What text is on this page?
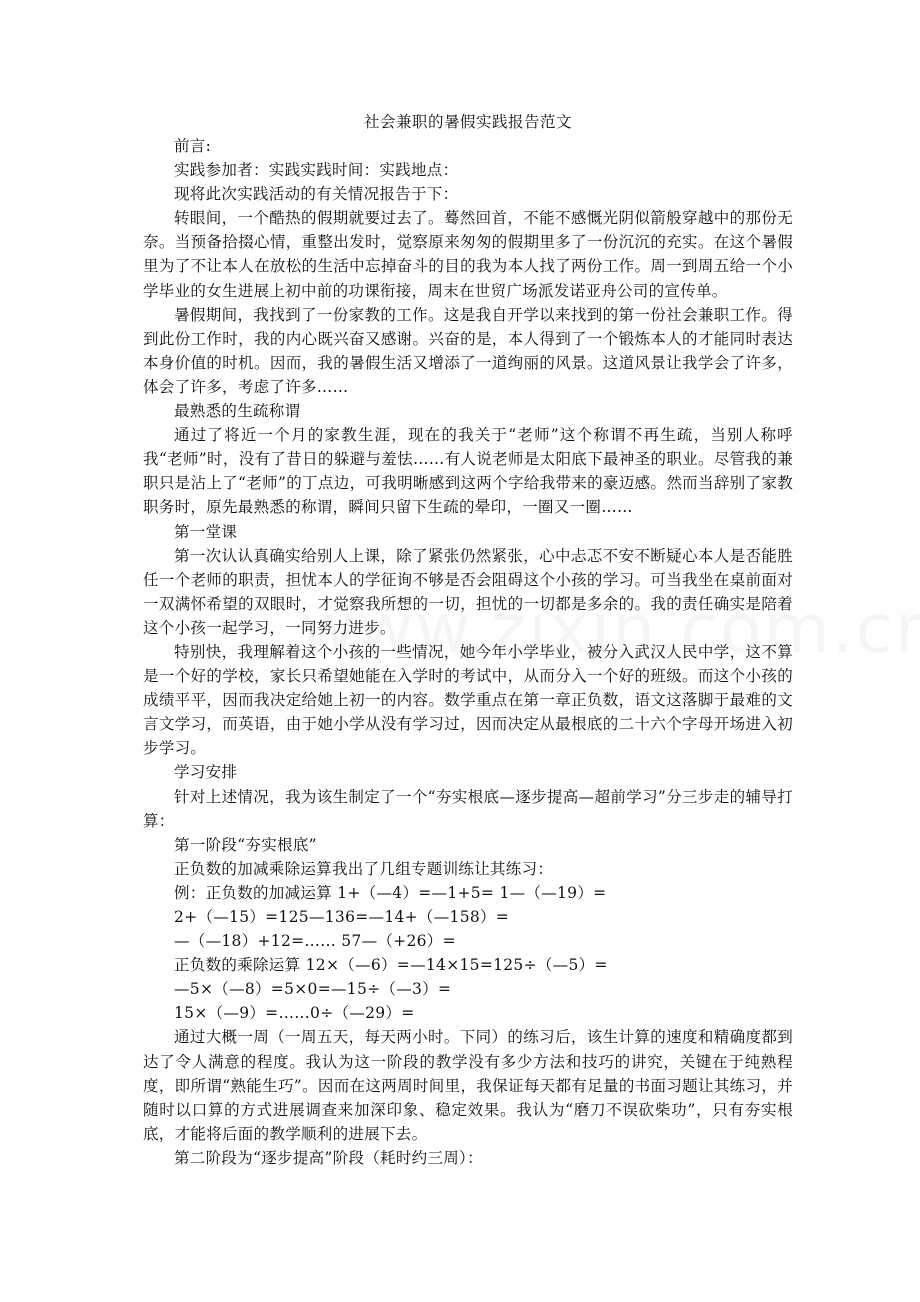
社会兼职的暑假实践报告范文

前言:

实践参加者：实践实践时间：实践地点：

现将此次实践活动的有关情况报告于下：

转眼间，一个酷热的假期就要过去了。蓦然回首，不能不感慨光阴似箭般穿越中的那份无奈。当预备拾掇心情，重整出发时，觉察原来匆匆的假期里多了一份沉沉的充实。在这个暑假里为了不让本人在放松的生活中忘掉奋斗的目的我为本人找了两份工作。周一到周五给一个小学毕业的女生进展上初中前的功课衔接，周末在世贸广场派发诺亚舟公司的宣传单。

暑假期间，我找到了一份家教的工作。这是我自开学以来找到的第一份社会兼职工作。得到此份工作时，我的内心既兴奋又感谢。兴奋的是，本人得到了一个锻炼本人的才能同时表达本身价值的时机。因而，我的暑假生活又增添了一道绚丽的风景。这道风景让我学会了许多，体会了许多，考虑了许多……

最熟悉的生疏称谓

通过了将近一个月的家教生涯，现在的我关于“老师”这个称谓不再生疏，当别人称呼我“老师”时，没有了昔日的躲避与羞怯……有人说老师是太阳底下最神圣的职业。尽管我的兼职只是沾上了“老师”的丁点边，可我明晰感到这两个字给我带来的豪迈感。然而当辞别了家教职务时，原先最熟悉的称谓，瞬间只留下生疏的晕印，一圈又一圈……

第一堂课

第一次认认真确实给别人上课，除了紧张仍然紧张，心中忐忑不安不断疑心本人是否能胜任一个老师的职责，担忧本人的学征询不够是否会阻碍这个小孩的学习。可当我坐在桌前面对一双满怀希望的双眼时，才觉察我所想的一切，担忧的一切都是多余的。我的责任确实是陪着这个小孩一起学习，一同努力进步。

特别快，我理解着这个小孩的一些情况，她今年小学毕业，被分入武汉人民中学，这不算是一个好的学校，家长只希望她能在入学时的考试中，从而分入一个好的班级。而这个小孩的成绩平平，因而我决定给她上初一的内容。数学重点在第一章正负数，语文这落脚于最难的文言文学习，而英语，由于她小学从没有学习过，因而决定从最根底的二十六个字母开场进入初步学习。

学习安排

针对上述情况，我为该生制定了一个“夯实根底—逐步提高—超前学习”分三步走的辅导打算：

第一阶段“夯实根底”

正负数的加减乘除运算我出了几组专题训练让其练习：

例：正负数的加减运算 1+（—4）=—1+5= 1—（—19）=

2+（—15）=125—136=—14+（—158）=

—（—18）+12=…… 57—（+26）=

正负数的乘除运算 12×（—6）=—14×15=125÷（—5）=

—5×（—8）=5×0=—15÷（—3）=

15×（—9）=……0÷（—29）=

通过大概一周（一周五天，每天两小时。下同）的练习后，该生计算的速度和精确度都到达了令人满意的程度。我认为这一阶段的教学没有多少方法和技巧的讲究，关键在于纯熟程度，即所谓“熟能生巧”。因而在这两周时间里，我保证每天都有足量的书面习题让其练习，并随时以口算的方式进展调查来加深印象、稳定效果。我认为“磨刀不误砍柴功”，只有夯实根底，才能将后面的教学顺利的进展下去。

第二阶段为“逐步提高”阶段（耗时约三周）：
